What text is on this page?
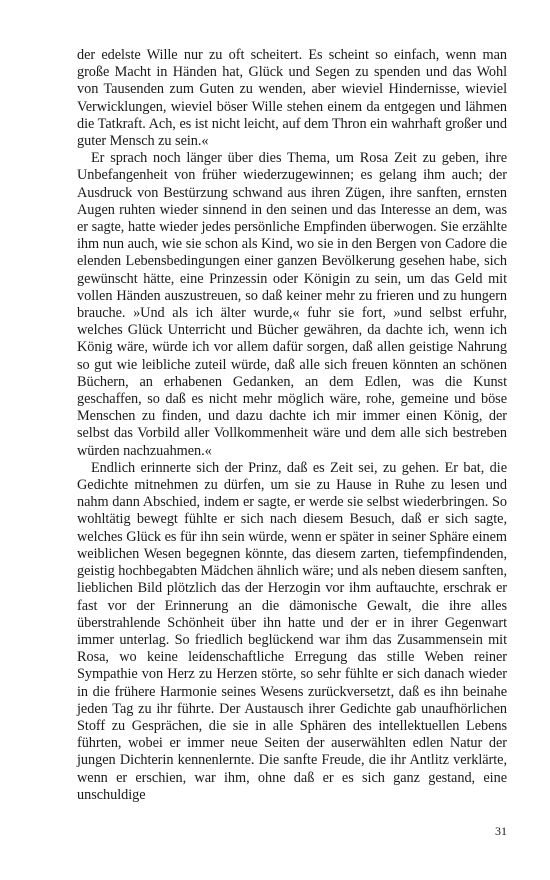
der edelste Wille nur zu oft scheitert. Es scheint so einfach, wenn man große Macht in Händen hat, Glück und Segen zu spenden und das Wohl von Tausenden zum Guten zu wenden, aber wieviel Hindernisse, wieviel Verwicklungen, wieviel böser Wille stehen einem da entgegen und lähmen die Tatkraft. Ach, es ist nicht leicht, auf dem Thron ein wahrhaft großer und guter Mensch zu sein.«

Er sprach noch länger über dies Thema, um Rosa Zeit zu geben, ihre Unbefangenheit von früher wiederzugewinnen; es gelang ihm auch; der Ausdruck von Bestürzung schwand aus ihren Zügen, ihre sanften, ernsten Augen ruhten wieder sinnend in den seinen und das Interesse an dem, was er sagte, hatte wieder jedes persönliche Empfinden überwogen. Sie erzählte ihm nun auch, wie sie schon als Kind, wo sie in den Bergen von Cadore die elenden Lebensbedingungen einer ganzen Bevölkerung gesehen habe, sich gewünscht hätte, eine Prinzessin oder Königin zu sein, um das Geld mit vollen Händen auszustreuen, so daß keiner mehr zu frieren und zu hungern brauche. »Und als ich älter wurde,« fuhr sie fort, »und selbst erfuhr, welches Glück Unterricht und Bücher gewähren, da dachte ich, wenn ich König wäre, würde ich vor allem dafür sorgen, daß allen geistige Nahrung so gut wie leibliche zuteil würde, daß alle sich freuen könnten an schönen Büchern, an erhabenen Gedanken, an dem Edlen, was die Kunst geschaffen, so daß es nicht mehr möglich wäre, rohe, gemeine und böse Menschen zu finden, und dazu dachte ich mir immer einen König, der selbst das Vorbild aller Vollkommenheit wäre und dem alle sich bestreben würden nachzuahmen.«

Endlich erinnerte sich der Prinz, daß es Zeit sei, zu gehen. Er bat, die Gedichte mitnehmen zu dürfen, um sie zu Hause in Ruhe zu lesen und nahm dann Abschied, indem er sagte, er werde sie selbst wiederbringen. So wohltätig bewegt fühlte er sich nach diesem Besuch, daß er sich sagte, welches Glück es für ihn sein würde, wenn er später in seiner Sphäre einem weiblichen Wesen begegnen könnte, das diesem zarten, tiefempfindenden, geistig hochbegabten Mädchen ähnlich wäre; und als neben diesem sanften, lieblichen Bild plötzlich das der Herzogin vor ihm auftauchte, erschrak er fast vor der Erinnerung an die dämonische Gewalt, die ihre alles überstrahlende Schönheit über ihn hatte und der er in ihrer Gegenwart immer unterlag. So friedlich beglückend war ihm das Zusammensein mit Rosa, wo keine leidenschaftliche Erregung das stille Weben reiner Sympathie von Herz zu Herzen störte, so sehr fühlte er sich danach wieder in die frühere Harmonie seines Wesens zurückversetzt, daß es ihn beinahe jeden Tag zu ihr führte. Der Austausch ihrer Gedichte gab unaufhörlichen Stoff zu Gesprächen, die sie in alle Sphären des intellektuellen Lebens führten, wobei er immer neue Seiten der auserwählten edlen Natur der jungen Dichterin kennenlernte. Die sanfte Freude, die ihr Antlitz verklärte, wenn er erschien, war ihm, ohne daß er es sich ganz gestand, eine unschuldige

31
